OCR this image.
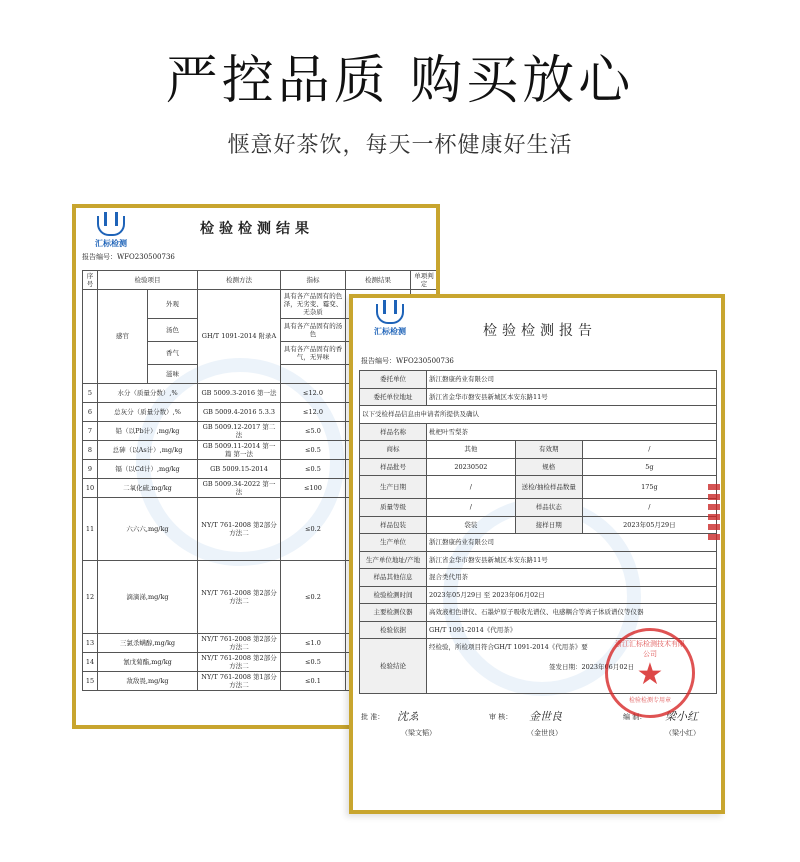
严控品质 购买放心
惬意好茶饮，每天一杯健康好生活
汇标检测
检验检测结果
报告编号：WFO230500736
序号	检验项目		检测方法	指标	检测结果	单项判定
	感官	外观	GH/T 1091-2014 附录A	具有各产品固有的色泽，无劣变、霉变、无杂质		
		汤色		具有各产品固有的汤色		
		香气		具有各产品固有的香气，无异味		
		滋味				
5	水分（质量分数）,%		GB 5009.3-2016 第一法	≤12.0		
6	总灰分（质量分数）,%		GB 5009.4-2016 5.3.3	≤12.0		
7	铅（以Pb计）,mg/kg		GB 5009.12-2017 第二法	≤5.0		
8	总砷（以As计）,mg/kg		GB 5009.11-2014 第一篇 第一法	≤0.5		
9	镉（以Cd计）,mg/kg		GB 5009.15-2014	≤0.5		
10	二氧化硫,mg/kg		GB 5009.34-2022 第一法	≤100		
11	六六六,mg/kg		NY/T 761-2008 第2部分 方法二	≤0.2		
12	滴滴涕,mg/kg		NY/T 761-2008 第2部分 方法二	≤0.2		
13	三氯杀螨醇,mg/kg		NY/T 761-2008 第2部分 方法二	≤1.0		
14	氰戊菊酯,mg/kg		NY/T 761-2008 第2部分 方法二	≤0.5		
15	敌敌畏,mg/kg		NY/T 761-2008 第1部分 方法二	≤0.1		
汇标检测	检验检测报告
报告编号：WFO230500736
委托单位	浙江磐康药业有限公司		
委托单位地址	浙江省金华市磐安县新城区本安东路11号		
以下受检样品信息由申请者所提供及确认			
样品名称	枇杷叶雪梨茶		
商标	其他	有效期	/
样品批号	20230502	规格	5g
生产日期	/	送检/抽检样品数量	175g
质量等级	/	样品状态	/
样品包装	袋装	接样日期	2023年05月29日
生产单位	浙江磐康药业有限公司		
生产单位地址/产地	浙江省金华市磐安县新城区本安东路11号		
样品其他信息	混合类代用茶		
检验检测时间	2023年05月29日 至 2023年06月02日		
主要检测仪器	高效液相色谱仪、石墨炉原子吸收光谱仪、电感耦合等离子体质谱仪等仪器		
检验依据	GH/T 1091-2014《代用茶》		
检验结论	经检验，所检项目符合GH/T 1091-2014《代用茶》要
签发日期：2023年06月02日		
批 准： 沈ゑ
（梁文韬）
审 核： 金世良
（金世良）
编 制： 梁小红
（梁小红）
浙江汇标检测技术有限公司
★
检验检测专用章
